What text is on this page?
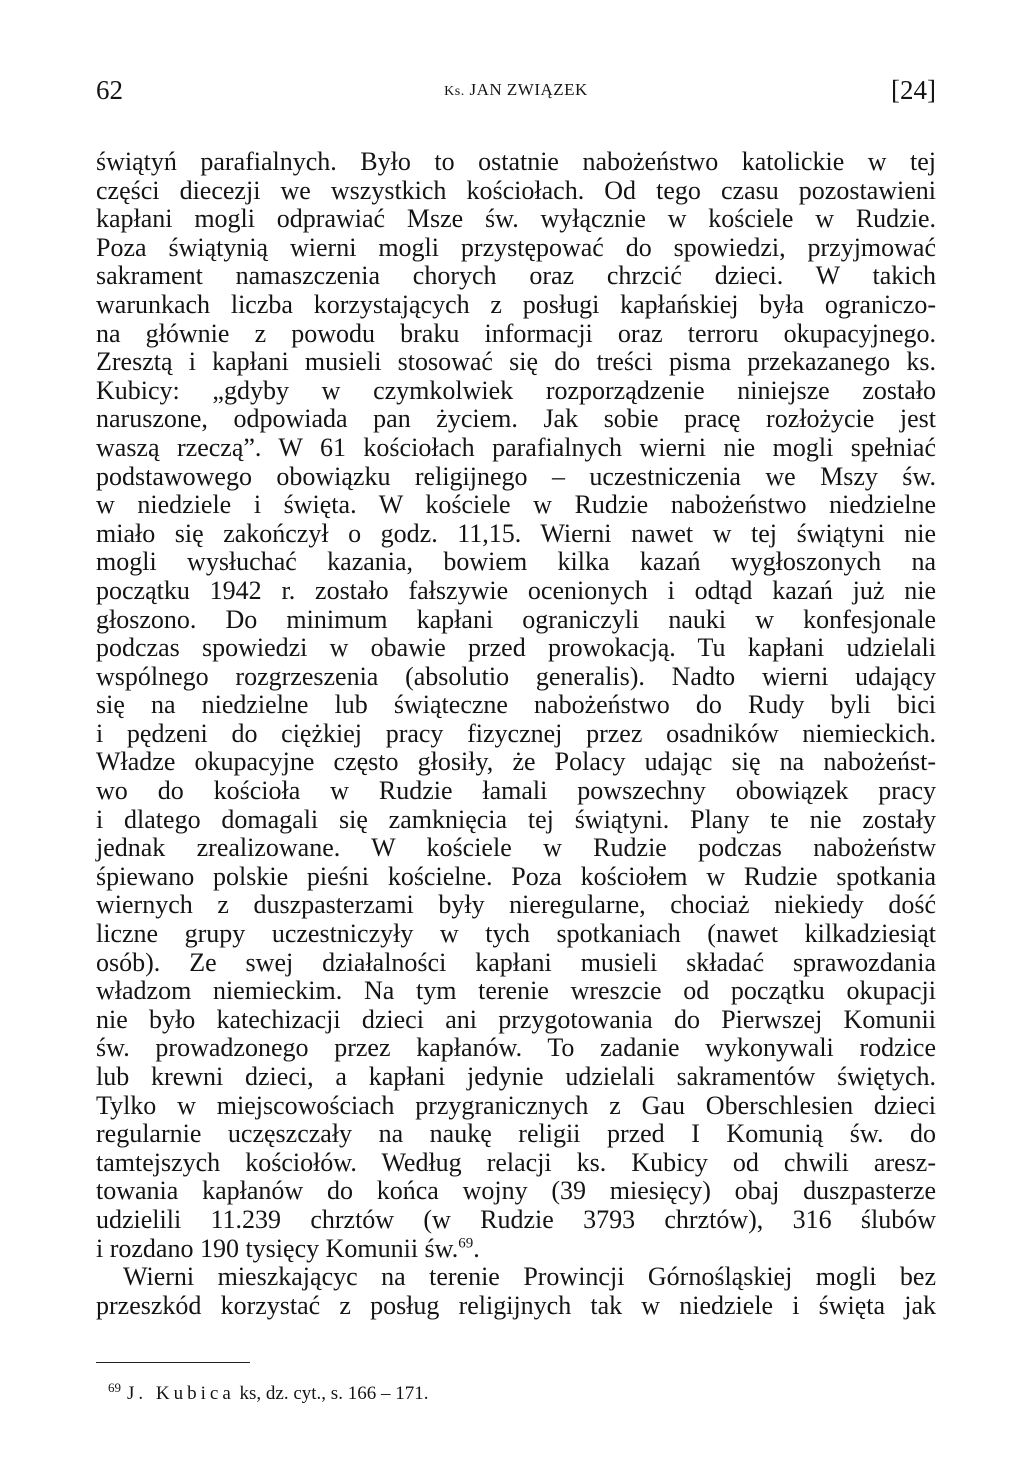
62	Ks. JAN ZWIĄZEK	[24]
świątyń parafialnych. Było to ostatnie nabożeństwo katolickie w tej
części diecezji we wszystkich kościołach. Od tego czasu pozostawieni
kapłani mogli odprawiać Msze św. wyłącznie w kościele w Rudzie.
Poza świątynią wierni mogli przystępować do spowiedzi, przyjmować
sakrament namaszczenia chorych oraz chrzcić dzieci. W takich
warunkach liczba korzystających z posługi kapłańskiej była ograniczo-
na głównie z powodu braku informacji oraz terroru okupacyjnego.
Zresztą i kapłani musieli stosować się do treści pisma przekazanego ks.
Kubicy: „gdyby w czymkolwiek rozporządzenie niniejsze zostało
naruszone, odpowiada pan życiem. Jak sobie pracę rozłożycie jest
waszą rzeczą”. W 61 kościołach parafialnych wierni nie mogli spełniać
podstawowego obowiązku religijnego – uczestniczenia we Mszy św.
w niedziele i święta. W kościele w Rudzie nabożeństwo niedzielne
miało się zakończył o godz. 11,15. Wierni nawet w tej świątyni nie
mogli wysłuchać kazania, bowiem kilka kazań wygłoszonych na
początku 1942 r. zostało fałszywie ocenionych i odtąd kazań już nie
głoszono. Do minimum kapłani ograniczyli nauki w konfesjonale
podczas spowiedzi w obawie przed prowokacją. Tu kapłani udzielali
wspólnego rozgrzeszenia (absolutio generalis). Nadto wierni udający
się na niedzielne lub świąteczne nabożeństwo do Rudy byli bici
i pędzeni do ciężkiej pracy fizycznej przez osadników niemieckich.
Władze okupacyjne często głosiły, że Polacy udając się na nabożeńst-
wo do kościoła w Rudzie łamali powszechny obowiązek pracy
i dlatego domagali się zamknięcia tej świątyni. Plany te nie zostały
jednak zrealizowane. W kościele w Rudzie podczas nabożeństw
śpiewano polskie pieśni kościelne. Poza kościołem w Rudzie spotkania
wiernych z duszpasterzami były nieregularne, chociaż niekiedy dość
liczne grupy uczestniczyły w tych spotkaniach (nawet kilkadziesiąt
osób). Ze swej działalności kapłani musieli składać sprawozdania
władzom niemieckim. Na tym terenie wreszcie od początku okupacji
nie było katechizacji dzieci ani przygotowania do Pierwszej Komunii
św. prowadzonego przez kapłanów. To zadanie wykonywali rodzice
lub krewni dzieci, a kapłani jedynie udzielali sakramentów świętych.
Tylko w miejscowościach przygranicznych z Gau Oberschlesien dzieci
regularnie uczęszczały na naukę religii przed I Komunią św. do
tamtejszych kościołów. Według relacji ks. Kubicy od chwili aresz-
towania kapłanów do końca wojny (39 miesięcy) obaj duszpasterze
udzielili 11.239 chrztów (w Rudzie 3793 chrztów), 316 ślubów
i rozdano 190 tysięcy Komunii św.$^{69}$.
Wierni mieszkającyc na terenie Prowincji Górnośląskiej mogli bez
przeszkód korzystać z posług religijnych tak w niedziele i święta jak
$^{69}$ J. Kubica ks, dz. cyt., s. 166 – 171.
